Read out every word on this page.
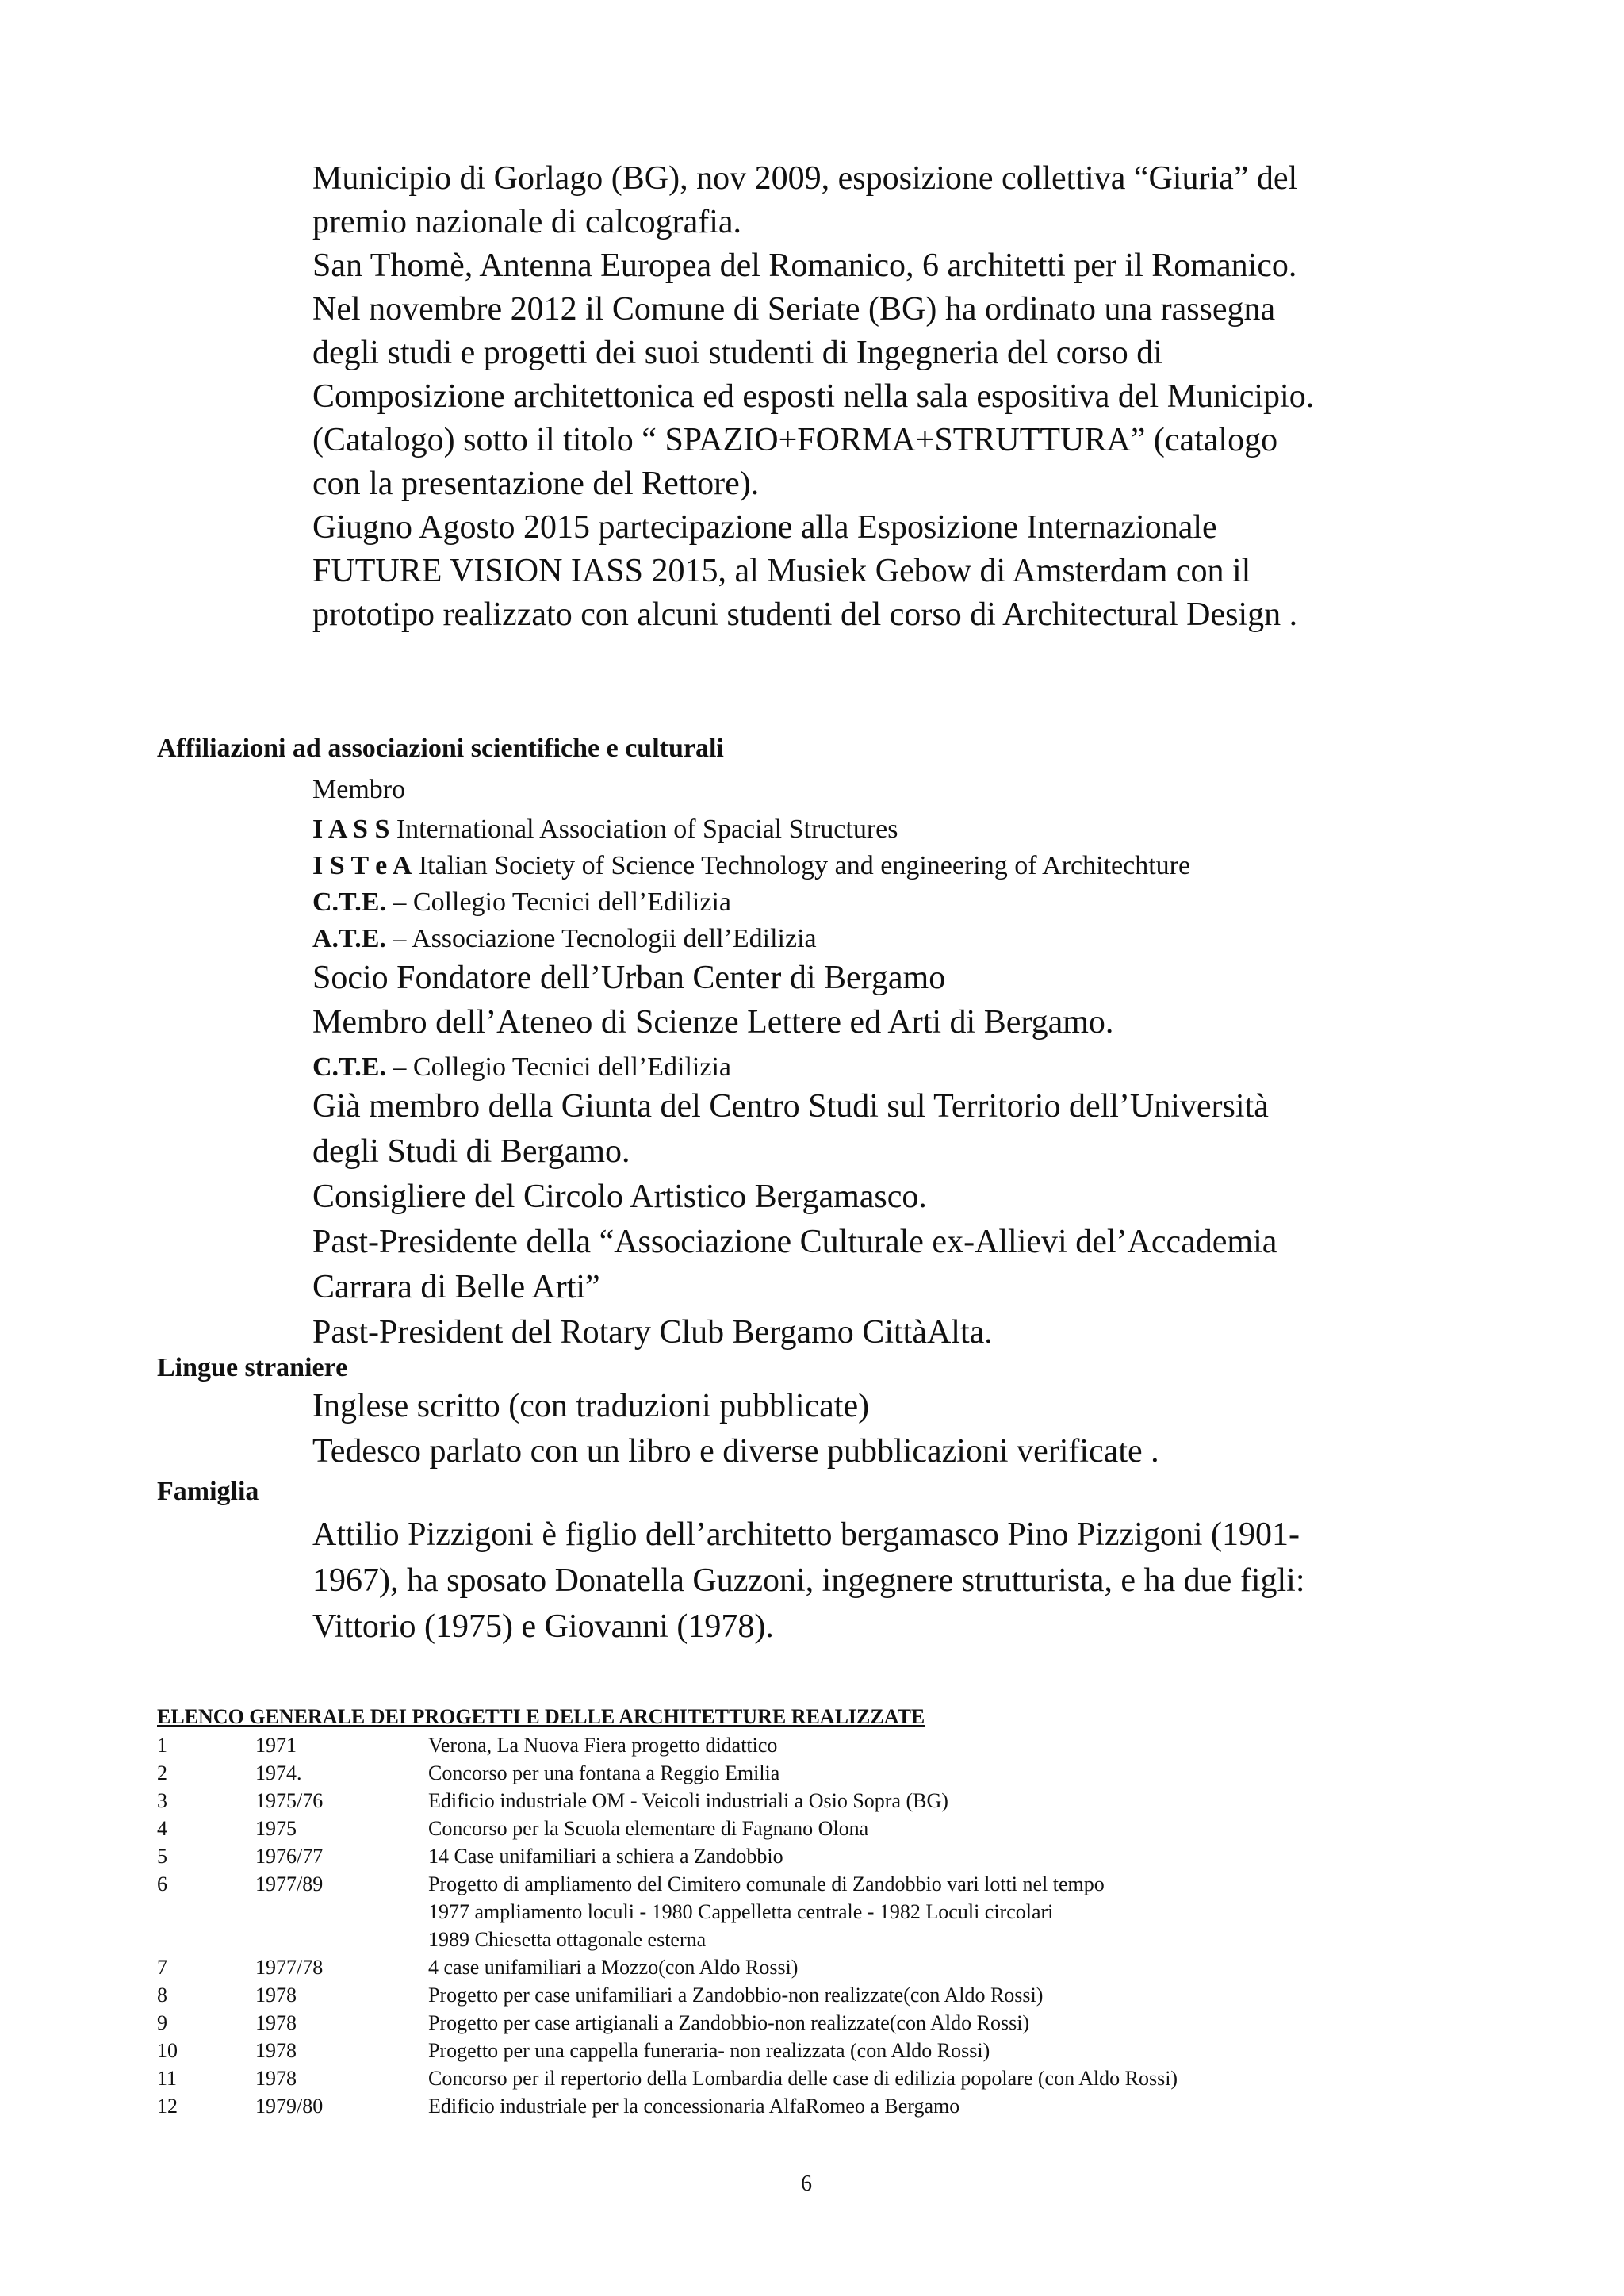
Municipio di Gorlago (BG), nov 2009, esposizione collettiva “Giuria” del
premio nazionale di calcografia.
San Thomè, Antenna Europea del Romanico, 6 architetti per il Romanico.
Nel novembre 2012 il Comune di Seriate (BG) ha ordinato una rassegna
degli studi e progetti dei suoi studenti di Ingegneria del corso di
Composizione architettonica ed esposti nella sala espositiva del Municipio.
(Catalogo) sotto il titolo “ SPAZIO+FORMA+STRUTTURA” (catalogo
con la presentazione del Rettore).
Giugno Agosto 2015 partecipazione alla Esposizione Internazionale
FUTURE VISION IASS 2015, al Musiek Gebow di Amsterdam con il
prototipo realizzato con alcuni studenti del corso di Architectural Design .
Affiliazioni ad associazioni scientifiche e culturali
Membro
I A S S International Association of Spacial Structures
I S T e A Italian Society of Science Technology and engineering of Architechture
C.T.E. – Collegio Tecnici dell’Edilizia
A.T.E. – Associazione Tecnologii dell’Edilizia
Socio Fondatore dell’Urban Center di Bergamo
Membro dell’Ateneo di Scienze Lettere ed Arti di Bergamo.
C.T.E. – Collegio Tecnici dell’Edilizia
Già membro della Giunta del Centro Studi sul Territorio dell’Università
degli Studi di Bergamo.
Consigliere del Circolo Artistico Bergamasco.
Past-Presidente della “Associazione Culturale ex-Allievi del’Accademia
Carrara di Belle Arti”
Past-President del Rotary Club Bergamo CittàAlta.
Lingue straniere
Inglese scritto (con traduzioni pubblicate)
Tedesco parlato con un libro e diverse pubblicazioni verificate .
Famiglia
Attilio Pizzigoni è figlio dell’architetto bergamasco Pino Pizzigoni (1901-
1967), ha sposato Donatella Guzzoni, ingegnere strutturista, e ha due figli:
Vittorio (1975) e Giovanni (1978).
ELENCO GENERALE DEI PROGETTI E DELLE ARCHITETTURE REALIZZATE
1	1971	Verona, La Nuova Fiera progetto didattico
2	1974.	Concorso per una fontana a Reggio Emilia
3	1975/76	Edificio industriale OM - Veicoli industriali a Osio Sopra (BG)
4	1975	Concorso per la Scuola elementare di Fagnano Olona
5	1976/77	14 Case unifamiliari a schiera a Zandobbio
6	1977/89	Progetto di ampliamento del Cimitero comunale di Zandobbio vari lotti nel tempo
1977 ampliamento loculi - 1980 Cappelletta centrale - 1982 Loculi circolari
1989 Chiesetta ottagonale esterna
7	1977/78	4 case unifamiliari a Mozzo(con Aldo Rossi)
8	1978	Progetto per case unifamiliari a Zandobbio-non realizzate(con Aldo Rossi)
9	1978	Progetto per case artigianali a Zandobbio-non realizzate(con Aldo Rossi)
10	1978	Progetto per una cappella funeraria- non realizzata (con Aldo Rossi)
11	1978	Concorso per il repertorio della Lombardia delle case di edilizia popolare (con Aldo Rossi)
12	1979/80	Edificio industriale per la concessionaria AlfaRomeo a Bergamo
6
